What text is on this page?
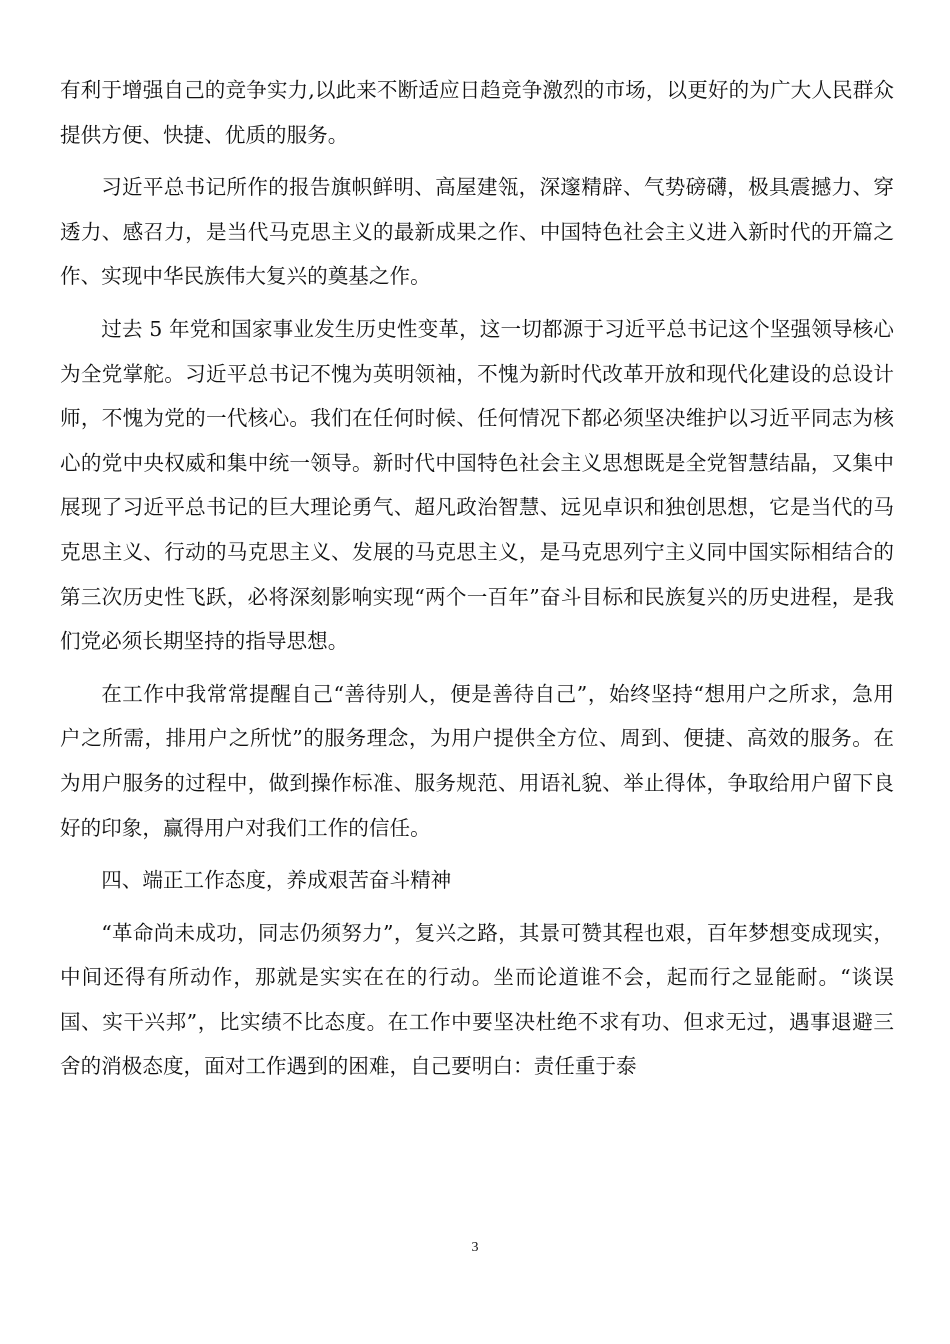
有利于增强自己的竞争实力,以此来不断适应日趋竞争激烈的市场，以更好的为广大人民群众提供方便、快捷、优质的服务。

习近平总书记所作的报告旗帜鲜明、高屋建瓴，深邃精辟、气势磅礴，极具震撼力、穿透力、感召力，是当代马克思主义的最新成果之作、中国特色社会主义进入新时代的开篇之作、实现中华民族伟大复兴的奠基之作。

过去 5 年党和国家事业发生历史性变革，这一切都源于习近平总书记这个坚强领导核心为全党掌舵。习近平总书记不愧为英明领袖，不愧为新时代改革开放和现代化建设的总设计师，不愧为党的一代核心。我们在任何时候、任何情况下都必须坚决维护以习近平同志为核心的党中央权威和集中统一领导。新时代中国特色社会主义思想既是全党智慧结晶，又集中展现了习近平总书记的巨大理论勇气、超凡政治智慧、远见卓识和独创思想，它是当代的马克思主义、行动的马克思主义、发展的马克思主义，是马克思列宁主义同中国实际相结合的第三次历史性飞跃，必将深刻影响实现“两个一百年”奋斗目标和民族复兴的历史进程，是我们党必须长期坚持的指导思想。

在工作中我常常提醒自己“善待别人，便是善待自己”，始终坚持“想用户之所求，急用户之所需，排用户之所忧”的服务理念，为用户提供全方位、周到、便捷、高效的服务。在为用户服务的过程中，做到操作标准、服务规范、用语礼貌、举止得体，争取给用户留下良好的印象，赢得用户对我们工作的信任。

四、端正工作态度，养成艰苦奋斗精神

“革命尚未成功，同志仍须努力”，复兴之路，其景可赞其程也艰，百年梦想变成现实，中间还得有所动作，那就是实实在在的行动。坐而论道谁不会，起而行之显能耐。“谈误国、实干兴邦”，比实绩不比态度。在工作中要坚决杜绝不求有功、但求无过，遇事退避三舍的消极态度，面对工作遇到的困难，自己要明白：责任重于泰

3
